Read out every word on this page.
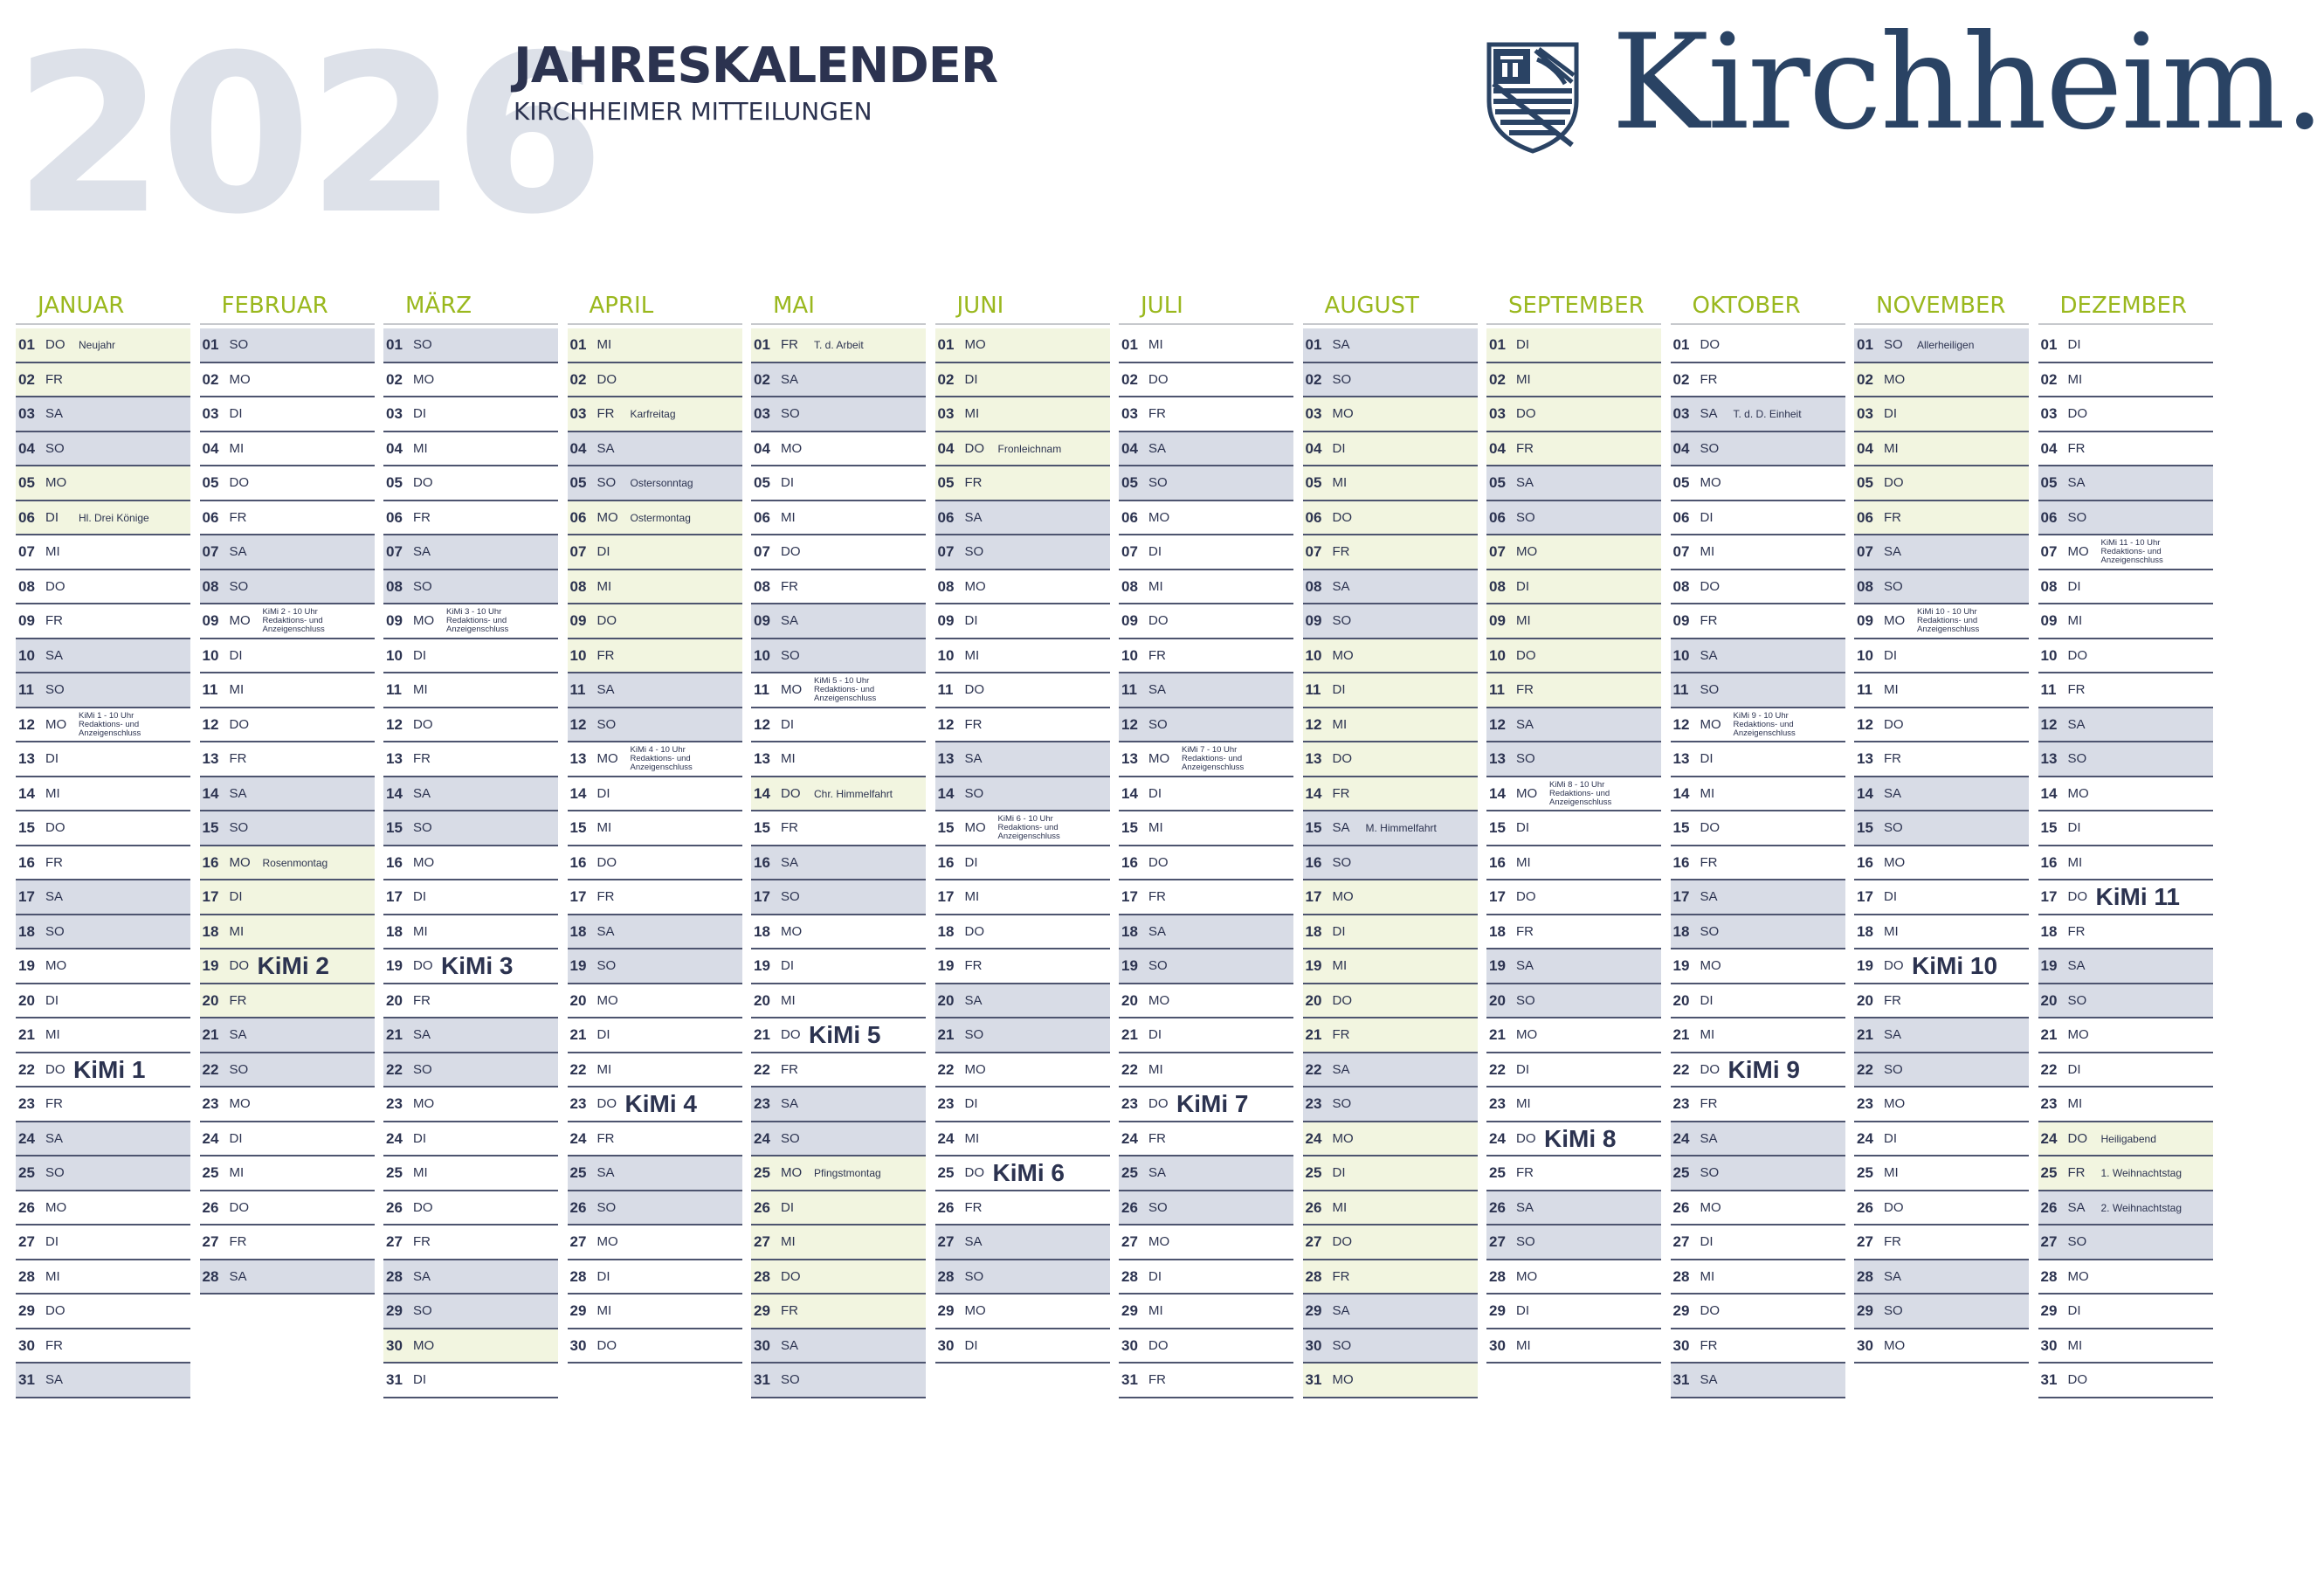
2026
JAHRESKALENDER
KIRCHHEIMER MITTEILUNGEN	Kirchheim.
JANUAR
01 DO Neujahr
02 FR
03 SA
04 SO
05 MO
06 DI Hl. Drei Könige
07 MI
08 DO
09 FR
10 SA
11 SO
12 MO
KiMi 1 - 10 Uhr
Redaktions- und
Anzeigenschluss
13 DI
14 MI
15 DO
16 FR
17 SA
18 SO
19 MO
20 DI
21 MI
22 DO KiMi 1
23 FR
24 SA
25 SO
26 MO
27 DI
28 MI
29 DO
30 FR
31 SA
FEBRUAR
01 SO
02 MO
03 DI
04 MI
05 DO
06 FR
07 SA
08 SO
09 MO
KiMi 2 - 10 Uhr
Redaktions- und
Anzeigenschluss
10 DI
11 MI
12 DO
13 FR
14 SA
15 SO
16 MO Rosenmontag
17 DI
18 MI
19 DO KiMi 2
20 FR
21 SA
22 SO
23 MO
24 DI
25 MI
26 DO
27 FR
28 SA
MÄRZ
01 SO
02 MO
03 DI
04 MI
05 DO
06 FR
07 SA
08 SO
09 MO
KiMi 3 - 10 Uhr
Redaktions- und
Anzeigenschluss
10 DI
11 MI
12 DO
13 FR
14 SA
15 SO
16 MO
17 DI
18 MI
19 DO KiMi 3
20 FR
21 SA
22 SO
23 MO
24 DI
25 MI
26 DO
27 FR
28 SA
29 SO
30 MO
31 DI
APRIL
01 MI
02 DO
03 FR Karfreitag
04 SA
05 SO Ostersonntag
06 MO Ostermontag
07 DI
08 MI
09 DO
10 FR
11 SA
12 SO
13 MO
KiMi 4 - 10 Uhr
Redaktions- und
Anzeigenschluss
14 DI
15 MI
16 DO
17 FR
18 SA
19 SO
20 MO
21 DI
22 MI
23 DO KiMi 4
24 FR
25 SA
26 SO
27 MO
28 DI
29 MI
30 DO
MAI
01 FR T. d. Arbeit
02 SA
03 SO
04 MO
05 DI
06 MI
07 DO
08 FR
09 SA
10 SO
11 MO
KiMi 5 - 10 Uhr
Redaktions- und
Anzeigenschluss
12 DI
13 MI
14 DO Chr. Himmelfahrt
15 FR
16 SA
17 SO
18 MO
19 DI
20 MI
21 DO KiMi 5
22 FR
23 SA
24 SO
25 MO Pfingstmontag
26 DI
27 MI
28 DO
29 FR
30 SA
31 SO
JUNI
01 MO
02 DI
03 MI
04 DO Fronleichnam
05 FR
06 SA
07 SO
08 MO
09 DI
10 MI
11 DO
12 FR
13 SA
14 SO
15 MO
KiMi 6 - 10 Uhr
Redaktions- und
Anzeigenschluss
16 DI
17 MI
18 DO
19 FR
20 SA
21 SO
22 MO
23 DI
24 MI
25 DO KiMi 6
26 FR
27 SA
28 SO
29 MO
30 DI
JULI
01 MI
02 DO
03 FR
04 SA
05 SO
06 MO
07 DI
08 MI
09 DO
10 FR
11 SA
12 SO
13 MO
KiMi 7 - 10 Uhr
Redaktions- und
Anzeigenschluss
14 DI
15 MI
16 DO
17 FR
18 SA
19 SO
20 MO
21 DI
22 MI
23 DO KiMi 7
24 FR
25 SA
26 SO
27 MO
28 DI
29 MI
30 DO
31 FR
AUGUST
01 SA
02 SO
03 MO
04 DI
05 MI
06 DO
07 FR
08 SA
09 SO
10 MO
11 DI
12 MI
13 DO
14 FR
15 SA M. Himmelfahrt
16 SO
17 MO
18 DI
19 MI
20 DO
21 FR
22 SA
23 SO
24 MO
25 DI
26 MI
27 DO
28 FR
29 SA
30 SO
31 MO
SEPTEMBER
01 DI
02 MI
03 DO
04 FR
05 SA
06 SO
07 MO
08 DI
09 MI
10 DO
11 FR
12 SA
13 SO
14 MO
KiMi 8 - 10 Uhr
Redaktions- und
Anzeigenschluss
15 DI
16 MI
17 DO
18 FR
19 SA
20 SO
21 MO
22 DI
23 MI
24 DO KiMi 8
25 FR
26 SA
27 SO
28 MO
29 DI
30 MI
OKTOBER
01 DO
02 FR
03 SA T. d. D. Einheit
04 SO
05 MO
06 DI
07 MI
08 DO
09 FR
10 SA
11 SO
12 MO
KiMi 9 - 10 Uhr
Redaktions- und
Anzeigenschluss
13 DI
14 MI
15 DO
16 FR
17 SA
18 SO
19 MO
20 DI
21 MI
22 DO KiMi 9
23 FR
24 SA
25 SO
26 MO
27 DI
28 MI
29 DO
30 FR
31 SA
NOVEMBER
01 SO Allerheiligen
02 MO
03 DI
04 MI
05 DO
06 FR
07 SA
08 SO
09 MO
KiMi 10 - 10 Uhr
Redaktions- und
Anzeigenschluss
10 DI
11 MI
12 DO
13 FR
14 SA
15 SO
16 MO
17 DI
18 MI
19 DO KiMi 10
20 FR
21 SA
22 SO
23 MO
24 DI
25 MI
26 DO
27 FR
28 SA
29 SO
30 MO
DEZEMBER
01 DI
02 MI
03 DO
04 FR
05 SA
06 SO
07 MO
KiMi 11 - 10 Uhr
Redaktions- und
Anzeigenschluss
08 DI
09 MI
10 DO
11 FR
12 SA
13 SO
14 MO
15 DI
16 MI
17 DO KiMi 11
18 FR
19 SA
20 SO
21 MO
22 DI
23 MI
24 DO Heiligabend
25 FR 1. Weihnachtstag
26 SA 2. Weihnachtstag
27 SO
28 MO
29 DI
30 MI
31 DO
